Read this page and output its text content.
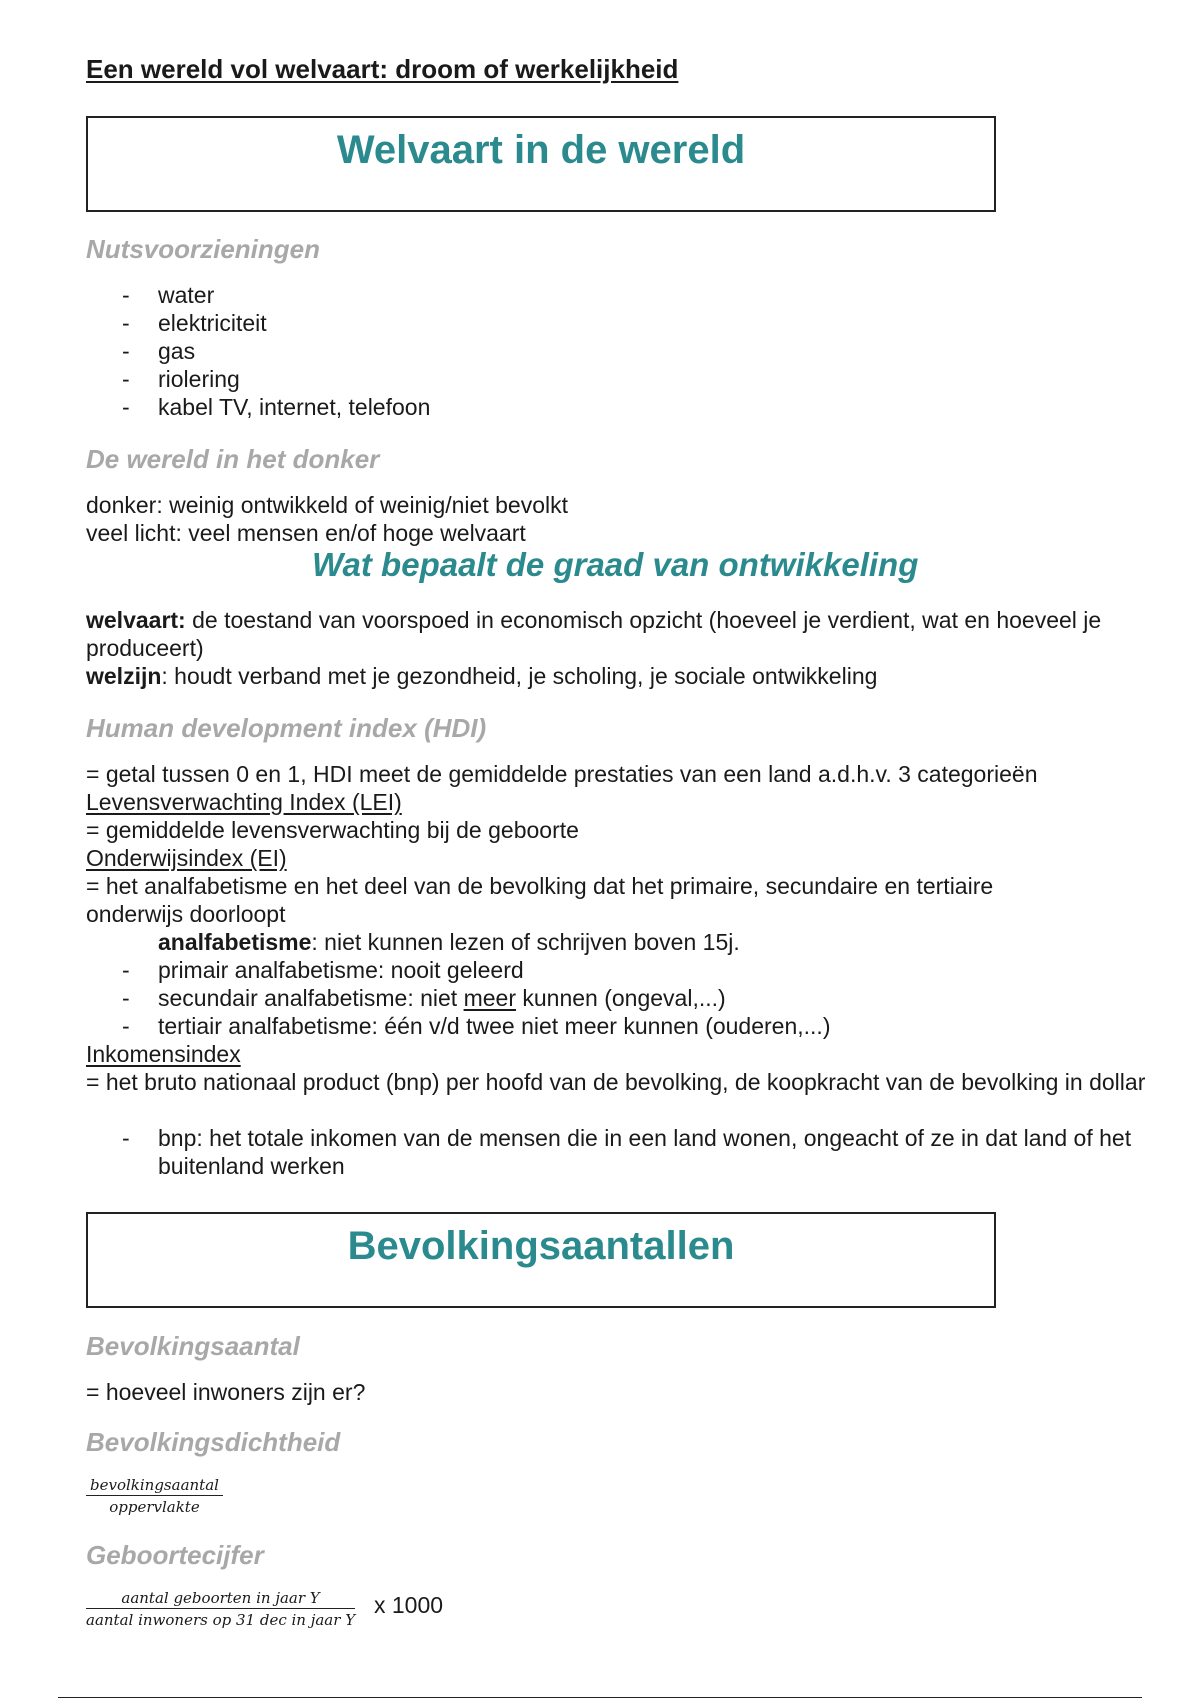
Een wereld vol welvaart: droom of werkelijkheid
Welvaart in de wereld
Nutsvoorzieningen
- water
- elektriciteit
- gas
- riolering
- kabel TV, internet, telefoon
De wereld in het donker
donker: weinig ontwikkeld of weinig/niet bevolkt
veel licht: veel mensen en/of hoge welvaart
Wat bepaalt de graad van ontwikkeling
welvaart: de toestand van voorspoed in economisch opzicht (hoeveel je verdient, wat en hoeveel je produceert)
welzijn: houdt verband met je gezondheid, je scholing, je sociale ontwikkeling
Human development index (HDI)
= getal tussen 0 en 1, HDI meet de gemiddelde prestaties van een land a.d.h.v. 3 categorieën
Levensverwachting Index (LEI)
= gemiddelde levensverwachting bij de geboorte
Onderwijsindex (EI)
= het analfabetisme en het deel van de bevolking dat het primaire, secundaire en tertiaire onderwijs doorloopt
analfabetisme: niet kunnen lezen of schrijven boven 15j.
- primair analfabetisme: nooit geleerd
- secundair analfabetisme: niet meer kunnen (ongeval,...)
- tertiair analfabetisme: één v/d twee niet meer kunnen (ouderen,...)
Inkomensindex
= het bruto nationaal product (bnp) per hoofd van de bevolking, de koopkracht van de bevolking in dollar
- bnp: het totale inkomen van de mensen die in een land wonen, ongeacht of ze in dat land of het buitenland werken
Bevolkingsaantallen
Bevolkingsaantal
= hoeveel inwoners zijn er?
Bevolkingsdichtheid
bevolkingsaantal
oppervlakte
Geboortecijfer
aantal geboorten in jaar Y
aantal inwoners op 31 dec in jaar Y
x 1000
